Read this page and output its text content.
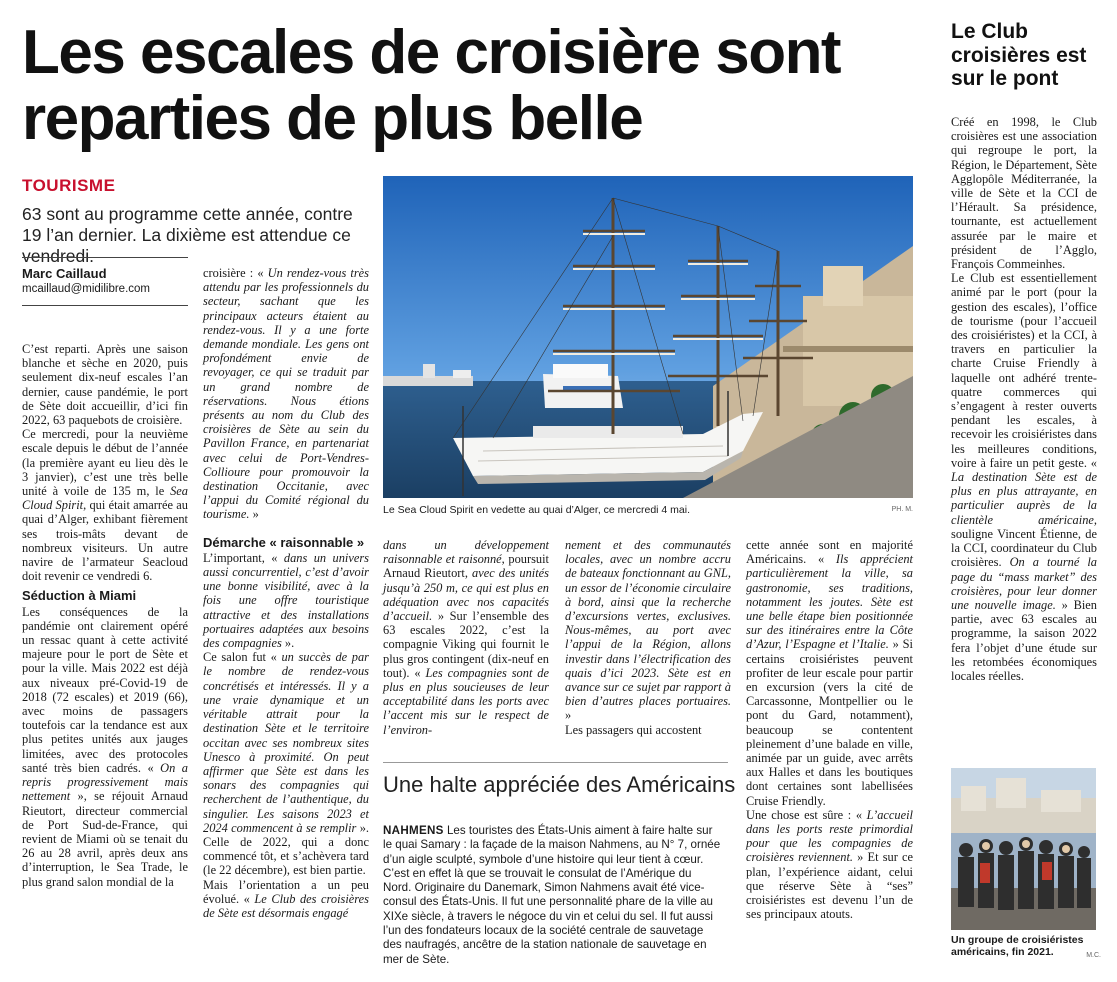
Les escales de croisière sont reparties de plus belle
TOURISME
63 sont au programme cette année, contre 19 l’an dernier. La dixième est attendue ce vendredi.
Marc Caillaud
mcaillaud@midilibre.com

C’est reparti. Après une saison blanche et sèche en 2020, puis seulement dix-neuf escales l’an dernier, cause pandémie, le port de Sète doit accueillir, d’ici fin 2022, 63 paquebots de croisière.

Ce mercredi, pour la neuvième escale depuis le début de l’année (la première ayant eu lieu dès le 3 janvier), c’est une très belle unité à voile de 135 m, le Sea Cloud Spirit, qui était amarrée au quai d’Alger, exhibant fièrement ses trois-mâts devant de nombreux visiteurs. Un autre navire de l’armateur Seacloud doit revenir ce vendredi 6.

Séduction à Miami

Les conséquences de la pandémie ont clairement opéré un ressac quant à cette activité majeure pour le port de Sète et pour la ville. Mais 2022 est déjà aux niveaux pré-Covid-19 de 2018 (72 escales) et 2019 (66), avec moins de passagers toutefois car la tendance est aux plus petites unités aux jauges limitées, avec des protocoles santé très bien cadrés. « On a repris progressivement mais nettement », se réjouit Arnaud Rieutort, directeur commercial de Port Sud-de-France, qui revient de Miami où se tenait du 26 au 28 avril, après deux ans d’interruption, le Sea Trade, le plus grand salon mondial de la

croisière : « Un rendez-vous très attendu par les professionnels du secteur, sachant que les principaux acteurs étaient au rendez-vous. Il y a une forte demande mondiale. Les gens ont profondément envie de revoyager, ce qui se traduit par un grand nombre de réservations. Nous étions présents au nom du Club des croisières de Sète au sein du Pavillon France, en partenariat avec celui de Port-Vendres-Collioure pour promouvoir la destination Occitanie, avec l’appui du Comité régional du tourisme. »

Démarche « raisonnable »

L’important, « dans un univers aussi concurrentiel, c’est d’avoir une bonne visibilité, avec à la fois une offre touristique attractive et des installations portuaires adaptées aux besoins des compagnies ».

Ce salon fut « un succès de par le nombre de rendez-vous concrétisés et intéressés. Il y a une vraie dynamique et un véritable attrait pour la destination Sète et le territoire occitan avec ses nombreux sites Unesco à proximité. On peut affirmer que Sète est dans les sonars des compagnies qui recherchent de l’authentique, du singulier. Les saisons 2023 et 2024 commencent à se remplir ». Celle de 2022, qui a donc commencé tôt, et s’achèvera tard (le 22 décembre), est bien partie.

Mais l’orientation a un peu évolué. « Le Club des croisières de Sète est désormais engagé

Le Sea Cloud Spirit en vedette au quai d’Alger, ce mercredi 4 mai.	PH. M.

dans un développement raisonnable et raisonné, poursuit Arnaud Rieutort, avec des unités jusqu’à 250 m, ce qui est plus en adéquation avec nos capacités d’accueil. » Sur l’ensemble des 63 escales 2022, c’est la compagnie Viking qui fournit le plus gros contingent (dix-neuf en tout). « Les compagnies sont de plus en plus soucieuses de leur acceptabilité dans les ports avec l’accent mis sur le respect de l’environ-

nement et des communautés locales, avec un nombre accru de bateaux fonctionnant au GNL, un essor de l’économie circulaire à bord, ainsi que la recherche d’excursions vertes, exclusives. Nous-mêmes, au port avec l’appui de la Région, allons investir dans l’électrification des quais d’ici 2023. Sète est en avance sur ce sujet par rapport à bien d’autres places portuaires. »

Les passagers qui accostent

cette année sont en majorité Américains. « Ils apprécient particulièrement la ville, sa gastronomie, ses traditions, notamment les joutes. Sète est une belle étape bien positionnée sur des itinéraires entre la Côte d’Azur, l’Espagne et l’Italie. » Si certains croisiéristes peuvent profiter de leur escale pour partir en excursion (vers la cité de Carcassonne, Montpellier ou le pont du Gard, notamment), beaucoup se contentent pleinement d’une balade en ville, animée par un guide, avec arrêts aux Halles et dans les boutiques dont certaines sont labellisées Cruise Friendly.

Une chose est sûre : « L’accueil dans les ports reste primordial pour que les compagnies de croisières reviennent. » Et sur ce plan, l’expérience aidant, celui que réserve Sète à “ses” croisiéristes est devenu l’un de ses principaux atouts.

Une halte appréciée des Américains
NAHMENS Les touristes des États-Unis aiment à faire halte sur le quai Samary : la façade de la maison Nahmens, au N° 7, ornée d’un aigle sculpté, symbole d’une histoire qui leur tient à cœur. C’est en effet là que se trouvait le consulat de l’Amérique du Nord. Originaire du Danemark, Simon Nahmens avait été vice-consul des États-Unis. Il fut une personnalité phare de la ville au XIXe siècle, à travers le négoce du vin et celui du sel. Il fut aussi l’un des fondateurs locaux de la société centrale de sauvetage des naufragés, ancêtre de la station nationale de sauvetage en mer de Sète.
Le Club croisières est sur le pont

Créé en 1998, le Club croisières est une association qui regroupe le port, la Région, le Département, Sète Agglopôle Méditerranée, la ville de Sète et la CCI de l’Hérault. Sa présidence, tournante, est actuellement assurée par le maire et président de l’Agglo, François Commeinhes.

Le Club est essentiellement animé par le port (pour la gestion des escales), l’office de tourisme (pour l’accueil des croisiéristes) et la CCI, à travers en particulier la charte Cruise Friendly à laquelle ont adhéré trente-quatre commerces qui s’engagent à rester ouverts pendant les escales, à recevoir les croisiéristes dans les meilleures conditions, voire à faire un petit geste. « La destination Sète est de plus en plus attrayante, en particulier auprès de la clientèle américaine, souligne Vincent Étienne, de la CCI, coordinateur du Club croisières. On a tourné la page du “mass market” des croisières, pour leur donner une nouvelle image. » Bien partie, avec 63 escales au programme, la saison 2022 fera l’objet d’une étude sur les retombées économiques locales réelles.

Un groupe de croisiéristes américains, fin 2021.	M.C.
